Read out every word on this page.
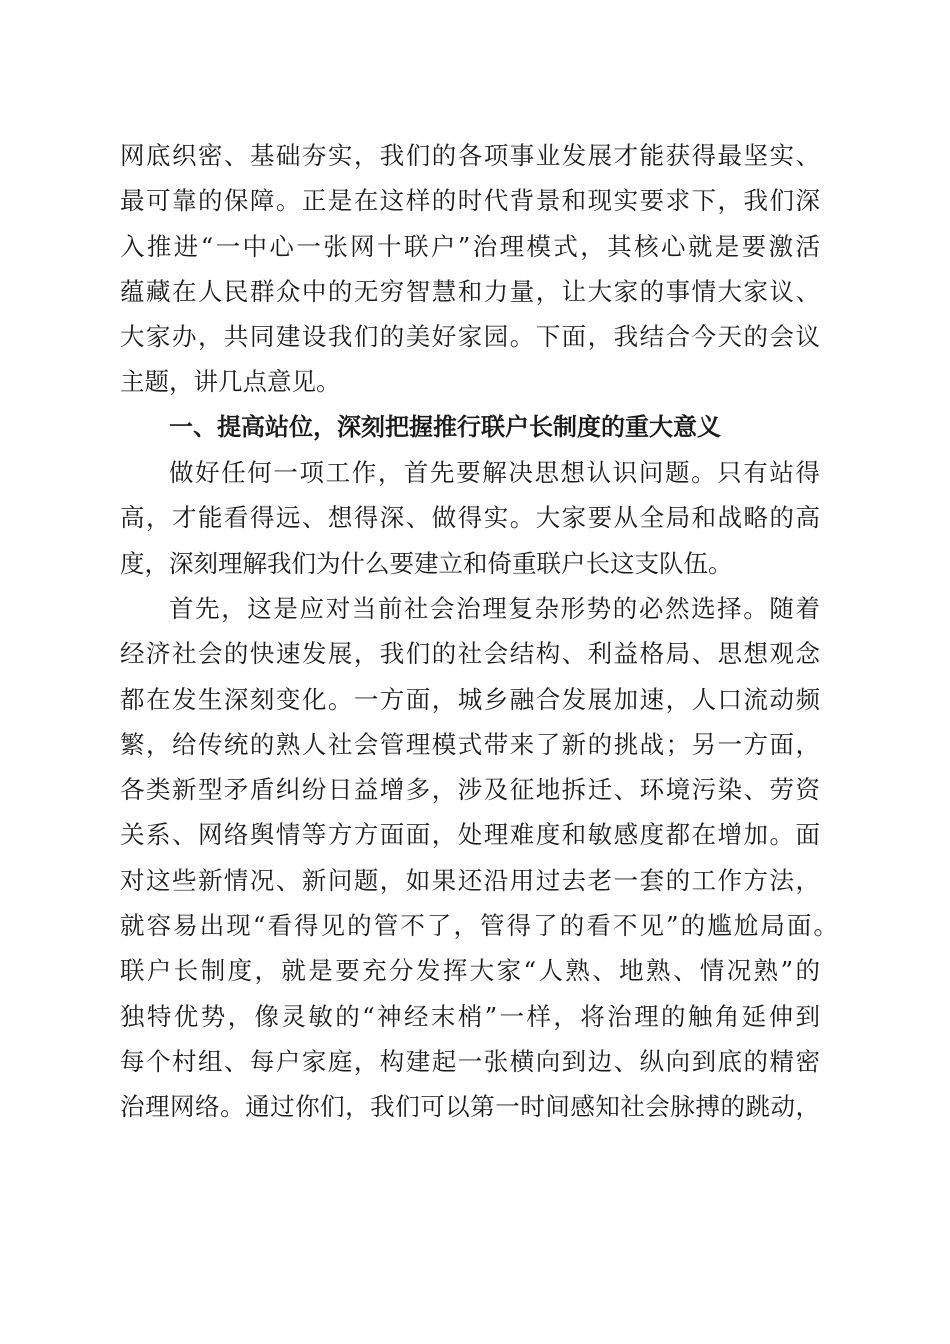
网底织密、基础夯实，我们的各项事业发展才能获得最坚实、
最可靠的保障。正是在这样的时代背景和现实要求下，我们深
入推进“一中心一张网十联户”治理模式，其核心就是要激活
蕴藏在人民群众中的无穷智慧和力量，让大家的事情大家议、
大家办，共同建设我们的美好家园。下面，我结合今天的会议
主题，讲几点意见。
一、提高站位，深刻把握推行联户长制度的重大意义
做好任何一项工作，首先要解决思想认识问题。只有站得
高，才能看得远、想得深、做得实。大家要从全局和战略的高
度，深刻理解我们为什么要建立和倚重联户长这支队伍。
首先，这是应对当前社会治理复杂形势的必然选择。随着
经济社会的快速发展，我们的社会结构、利益格局、思想观念
都在发生深刻变化。一方面，城乡融合发展加速，人口流动频
繁，给传统的熟人社会管理模式带来了新的挑战；另一方面，
各类新型矛盾纠纷日益增多，涉及征地拆迁、环境污染、劳资
关系、网络舆情等方方面面，处理难度和敏感度都在增加。面
对这些新情况、新问题，如果还沿用过去老一套的工作方法，
就容易出现“看得见的管不了，管得了的看不见”的尴尬局面。
联户长制度，就是要充分发挥大家“人熟、地熟、情况熟”的
独特优势，像灵敏的“神经末梢”一样，将治理的触角延伸到
每个村组、每户家庭，构建起一张横向到边、纵向到底的精密
治理网络。通过你们，我们可以第一时间感知社会脉搏的跳动，
